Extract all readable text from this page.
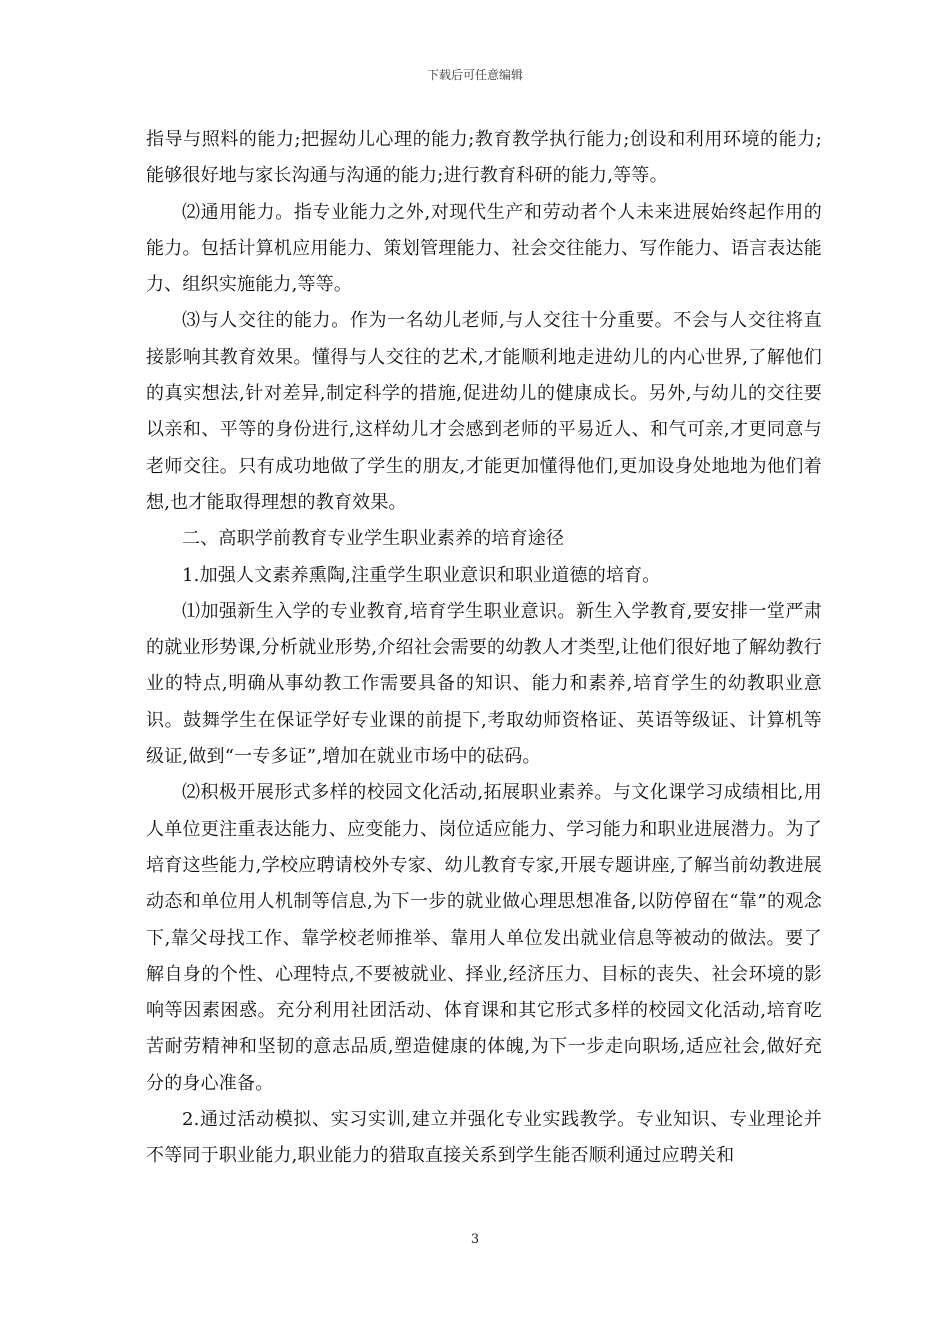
下载后可任意编辑

指导与照料的能力;把握幼儿心理的能力;教育教学执行能力;创设和利用环境的能力;能够很好地与家长沟通与沟通的能力;进行教育科研的能力,等等。

⑵通用能力。指专业能力之外,对现代生产和劳动者个人未来进展始终起作用的能力。包括计算机应用能力、策划管理能力、社会交往能力、写作能力、语言表达能力、组织实施能力,等等。

⑶与人交往的能力。作为一名幼儿老师,与人交往十分重要。不会与人交往将直接影响其教育效果。懂得与人交往的艺术,才能顺利地走进幼儿的内心世界,了解他们的真实想法,针对差异,制定科学的措施,促进幼儿的健康成长。另外,与幼儿的交往要以亲和、平等的身份进行,这样幼儿才会感到老师的平易近人、和气可亲,才更同意与老师交往。只有成功地做了学生的朋友,才能更加懂得他们,更加设身处地地为他们着想,也才能取得理想的教育效果。

二、高职学前教育专业学生职业素养的培育途径

1.加强人文素养熏陶,注重学生职业意识和职业道德的培育。

⑴加强新生入学的专业教育,培育学生职业意识。新生入学教育,要安排一堂严肃的就业形势课,分析就业形势,介绍社会需要的幼教人才类型,让他们很好地了解幼教行业的特点,明确从事幼教工作需要具备的知识、能力和素养,培育学生的幼教职业意识。鼓舞学生在保证学好专业课的前提下,考取幼师资格证、英语等级证、计算机等级证,做到“一专多证”,增加在就业市场中的砝码。

⑵积极开展形式多样的校园文化活动,拓展职业素养。与文化课学习成绩相比,用人单位更注重表达能力、应变能力、岗位适应能力、学习能力和职业进展潜力。为了培育这些能力,学校应聘请校外专家、幼儿教育专家,开展专题讲座,了解当前幼教进展动态和单位用人机制等信息,为下一步的就业做心理思想准备,以防停留在“靠”的观念下,靠父母找工作、靠学校老师推举、靠用人单位发出就业信息等被动的做法。要了解自身的个性、心理特点,不要被就业、择业,经济压力、目标的丧失、社会环境的影响等因素困惑。充分利用社团活动、体育课和其它形式多样的校园文化活动,培育吃苦耐劳精神和坚韧的意志品质,塑造健康的体魄,为下一步走向职场,适应社会,做好充分的身心准备。

2.通过活动模拟、实习实训,建立并强化专业实践教学。专业知识、专业理论并不等同于职业能力,职业能力的猎取直接关系到学生能否顺利通过应聘关和

3
